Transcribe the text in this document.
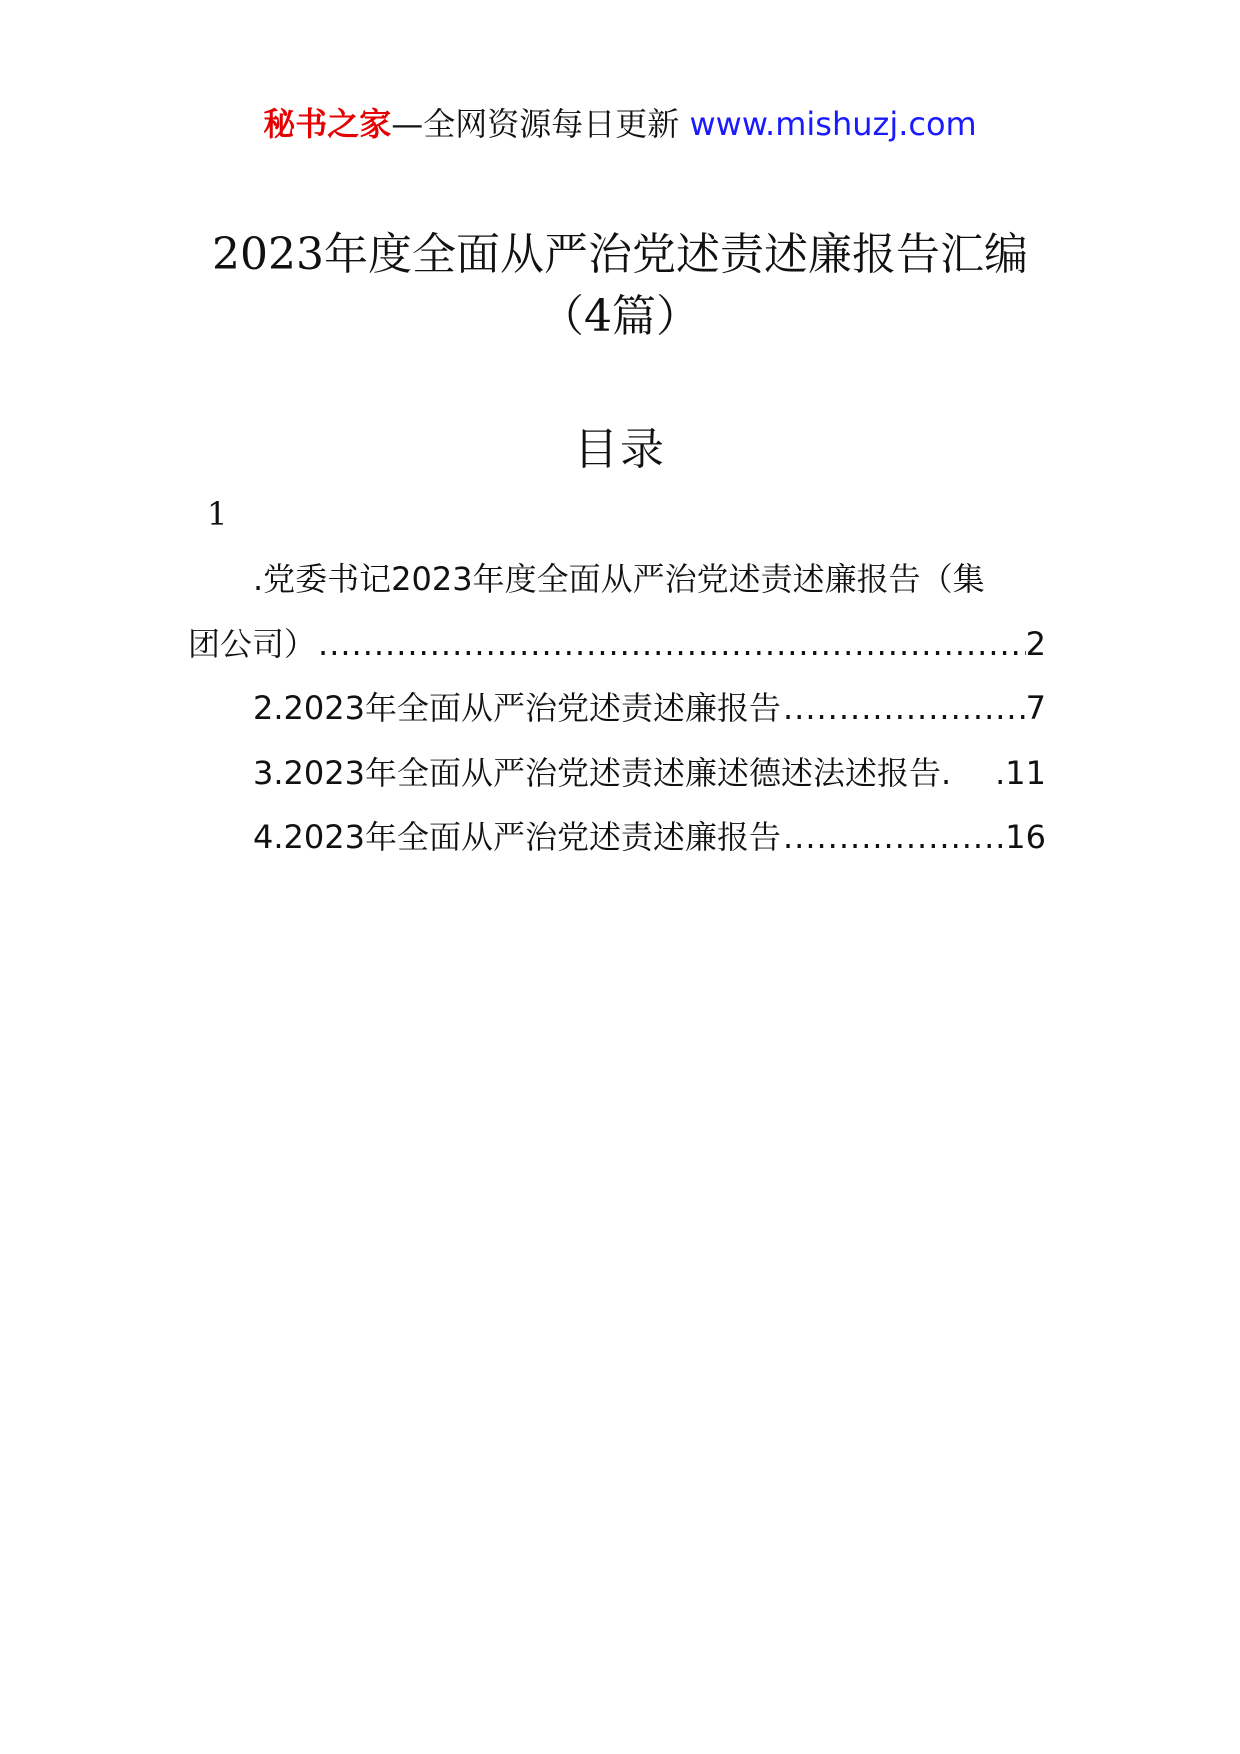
秘书之家—全网资源每日更新 www.mishuzj.com
2023年度全面从严治党述责述廉报告汇编
（4篇）
目录
1
.党委书记2023年度全面从严治党述责述廉报告（集
团公司） .....	2
2.2023年全面从严治党述责述廉报告 .....	7
3.2023年全面从严治党述责述廉述德述法述报告. .11
4.2023年全面从严治党述责述廉报告 .....	16
